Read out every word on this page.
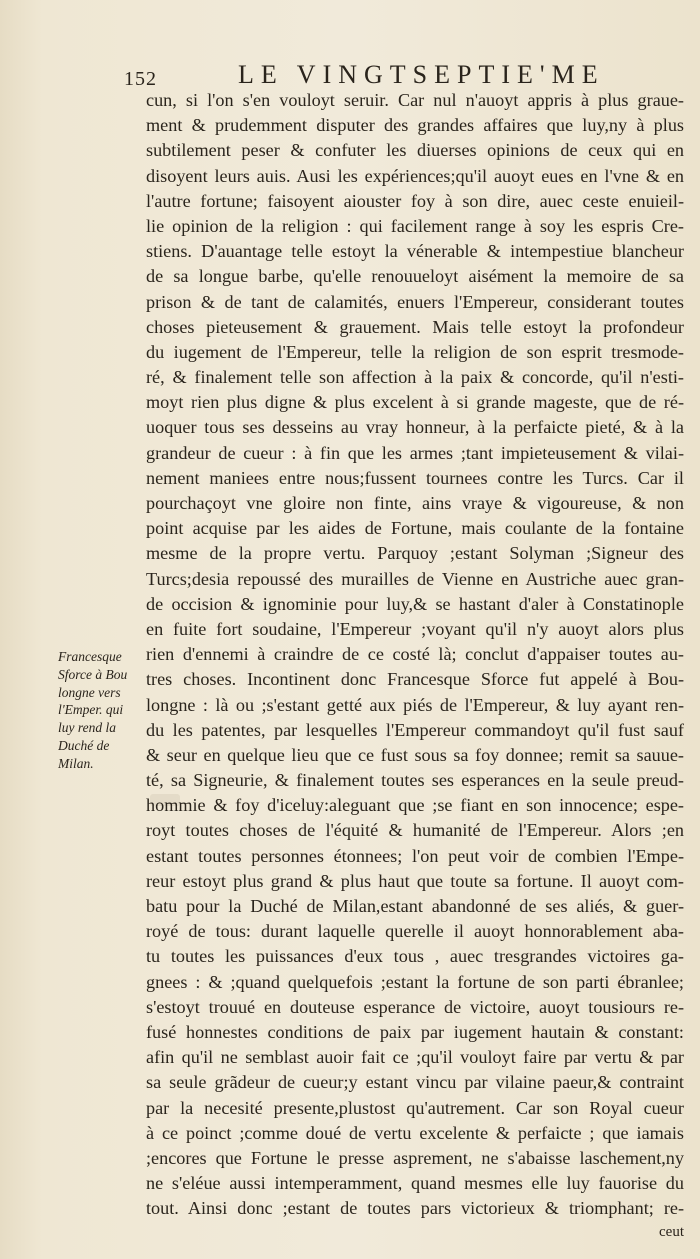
152	LE VINGTSEPTIE'ME
Francesque
Sforce à Bou
longne vers
l'Emper. qui
luy rend la
Duché de
Milan.
cun, si l'on s'en vouloyt seruir. Car nul n'auoyt appris à plus graue-
ment & prudemment disputer des grandes affaires que luy,ny à plus
subtilement peser & confuter les diuerses opinions de ceux qui en
disoyent leurs auis. Ausi les expériences;qu'il auoyt eues en l'vne & en
l'autre fortune; faisoyent aiouster foy à son dire, auec ceste enuieil-
lie opinion de la religion : qui facilement range à soy les espris Cre-
stiens. D'auantage telle estoyt la vénerable & intempestiue blancheur
de sa longue barbe, qu'elle renouueloyt aisément la memoire de sa
prison & de tant de calamités, enuers l'Empereur, considerant toutes
choses pieteusement & grauement. Mais telle estoyt la profondeur
du iugement de l'Empereur, telle la religion de son esprit tresmode-
ré, & finalement telle son affection à la paix & concorde, qu'il n'esti-
moyt rien plus digne & plus excelent à si grande mageste, que de ré-
uoquer tous ses desseins au vray honneur, à la perfaicte pieté, & à la
grandeur de cueur : à fin que les armes ;tant impieteusement & vilai-
nement maniees entre nous;fussent tournees contre les Turcs. Car il
pourchaçoyt vne gloire non finte, ains vraye & vigoureuse, & non
point acquise par les aides de Fortune, mais coulante de la fontaine
mesme de la propre vertu. Parquoy ;estant Solyman ;Signeur des
Turcs;desia repoussé des murailles de Vienne en Austriche auec gran-
de occision & ignominie pour luy,& se hastant d'aler à Constatinople
en fuite fort soudaine, l'Empereur ;voyant qu'il n'y auoyt alors plus
rien d'ennemi à craindre de ce costé là; conclut d'appaiser toutes au-
tres choses. Incontinent donc Francesque Sforce fut appelé à Bou-
longne : là ou ;s'estant getté aux piés de l'Empereur, & luy ayant ren-
du les patentes, par lesquelles l'Empereur commandoyt qu'il fust sauf
& seur en quelque lieu que ce fust sous sa foy donnee; remit sa sauue-
té, sa Signeurie, & finalement toutes ses esperances en la seule preud-
hommie & foy d'iceluy:aleguant que ;se fiant en son innocence; espe-
royt toutes choses de l'équité & humanité de l'Empereur. Alors ;en
estant toutes personnes étonnees; l'on peut voir de combien l'Empe-
reur estoyt plus grand & plus haut que toute sa fortune. Il auoyt com-
batu pour la Duché de Milan,estant abandonné de ses aliés, & guer-
royé de tous: durant laquelle querelle il auoyt honnorablement aba-
tu toutes les puissances d'eux tous , auec tresgrandes victoires ga-
gnees : & ;quand quelquefois ;estant la fortune de son parti ébranlee;
s'estoyt trouué en douteuse esperance de victoire, auoyt tousiours re-
fusé honnestes conditions de paix par iugement hautain & constant:
afin qu'il ne semblast auoir fait ce ;qu'il vouloyt faire par vertu & par
sa seule grãdeur de cueur;y estant vincu par vilaine paeur,& contraint
par la necesité presente,plustost qu'autrement. Car son Royal cueur
à ce poinct ;comme doué de vertu excelente & perfaicte ; que iamais
;encores que Fortune le presse asprement, ne s'abaisse laschement,ny
ne s'eléue aussi intemperamment, quand mesmes elle luy fauorise du
tout. Ainsi donc ;estant de toutes pars victorieux & triomphant; re-
ceut
